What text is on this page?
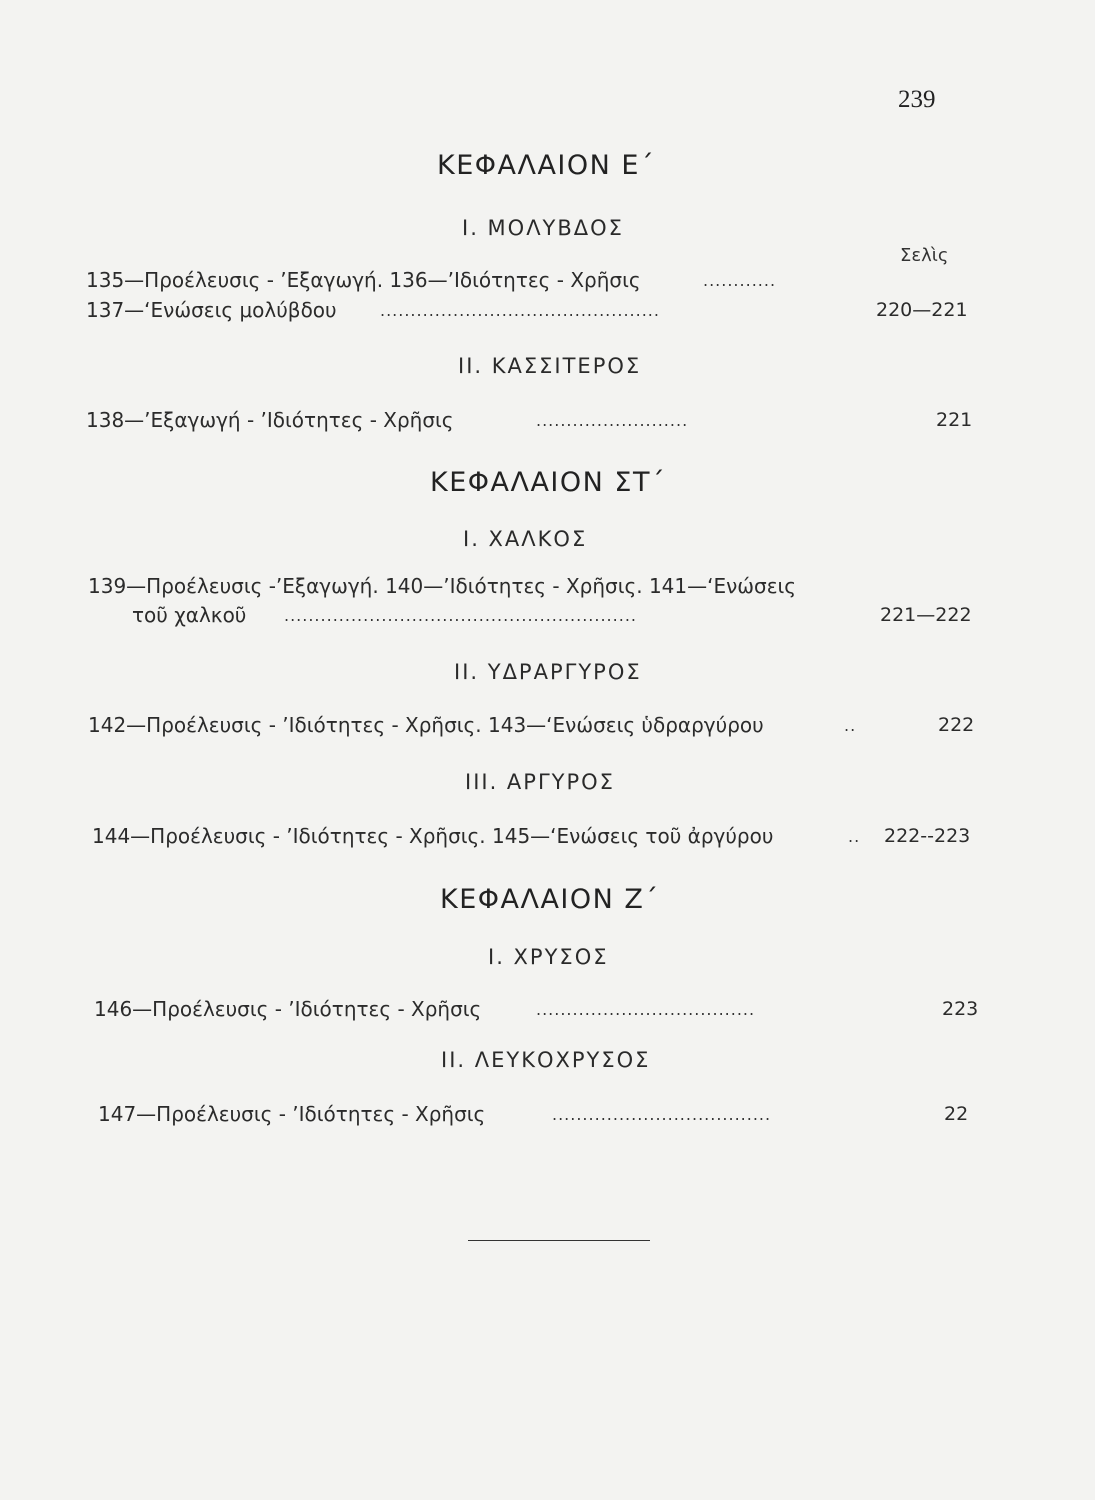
239
ΚΕΦΑΛΑΙΟΝ Ε΄
Ι. ΜΟΛΥΒΔΟΣ
Σελὶς
135—Προέλευσις - ’Εξαγωγή. 136—’Ιδιότητες - Χρῆσις	............
137—‘Ενώσεις μολύβδου	..............................................	220—221
ΙΙ. ΚΑΣΣΙΤΕΡΟΣ
138—’Εξαγωγή - ’Ιδιότητες - Χρῆσις	.........................	221
ΚΕΦΑΛΑΙΟΝ ΣΤ΄
Ι. ΧΑΛΚΟΣ
139—Προέλευσις -’Εξαγωγή. 140—’Ιδιότητες - Χρῆσις. 141—‘Ενώσεις
τοῦ χαλκοῦ ..........................................................	221—222
ΙΙ. ΥΔΡΑΡΓΥΡΟΣ
142—Προέλευσις - ’Ιδιότητες - Χρῆσις. 143—‘Ενώσεις ὑδραργύρου	..	222
ΙΙΙ. ΑΡΓΥΡΟΣ
144—Προέλευσις - ’Ιδιότητες - Χρῆσις. 145—‘Ενώσεις τοῦ ἀργύρου	.. 222--223
ΚΕΦΑΛΑΙΟΝ Ζ΄
Ι. ΧΡΥΣΟΣ
146—Προέλευσις - ’Ιδιότητες - Χρῆσις	....................................	223
ΙΙ. ΛΕΥΚΟΧΡΥΣΟΣ
147—Προέλευσις - ’Ιδιότητες - Χρῆσις	....................................	22
